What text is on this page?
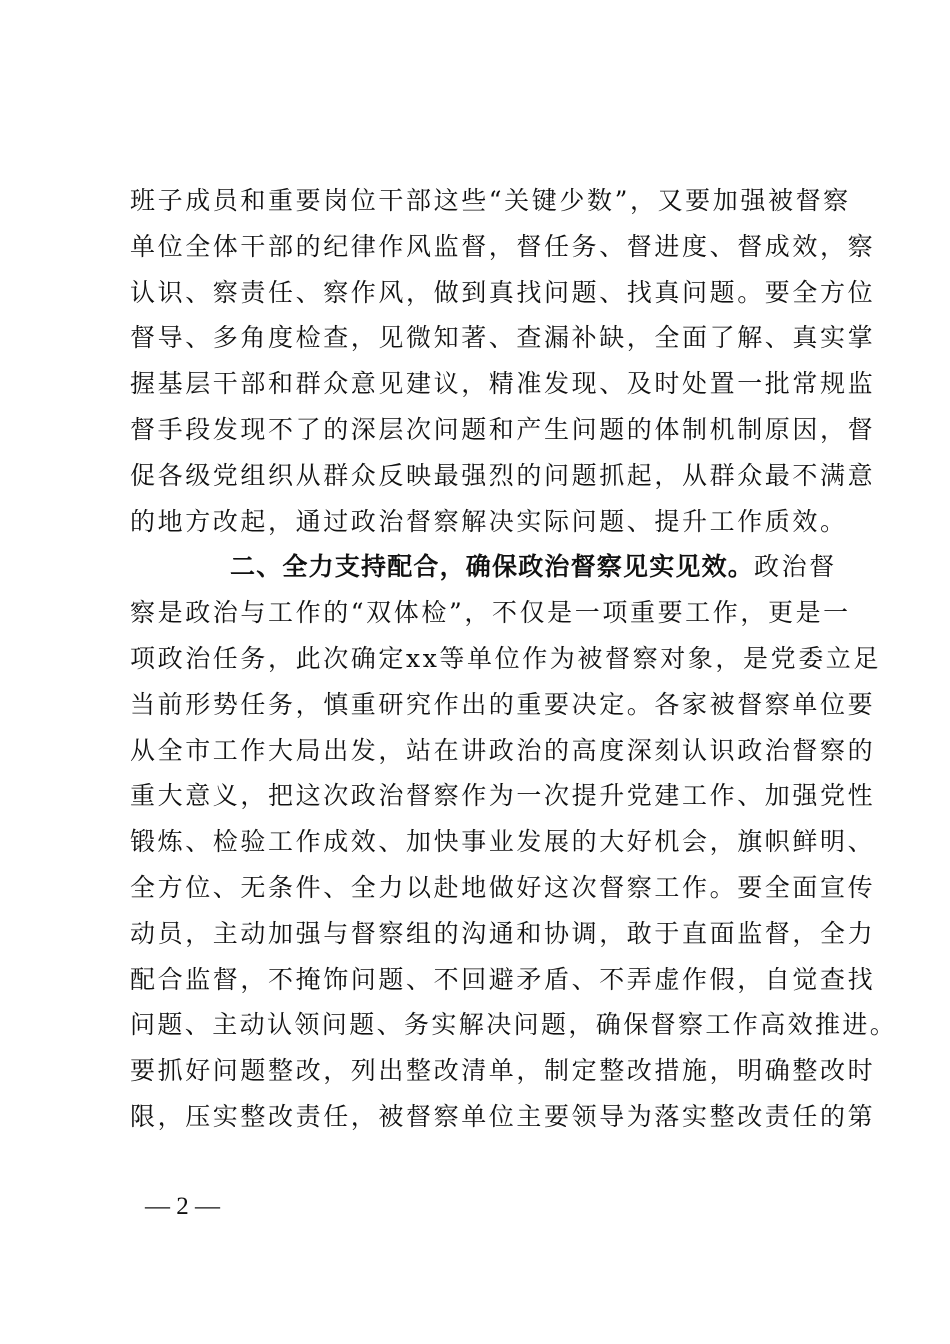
班子成员和重要岗位干部这些“关键少数”，又要加强被督察
单位全体干部的纪律作风监督，督任务、督进度、督成效，察
认识、察责任、察作风，做到真找问题、找真问题。要全方位
督导、多角度检查，见微知著、查漏补缺，全面了解、真实掌
握基层干部和群众意见建议，精准发现、及时处置一批常规监
督手段发现不了的深层次问题和产生问题的体制机制原因，督
促各级党组织从群众反映最强烈的问题抓起，从群众最不满意
的地方改起，通过政治督察解决实际问题、提升工作质效。
二、全力支持配合，确保政治督察见实见效。政治督
察是政治与工作的“双体检”，不仅是一项重要工作，更是一
项政治任务，此次确定xx等单位作为被督察对象，是党委立足
当前形势任务，慎重研究作出的重要决定。各家被督察单位要
从全市工作大局出发，站在讲政治的高度深刻认识政治督察的
重大意义，把这次政治督察作为一次提升党建工作、加强党性
锻炼、检验工作成效、加快事业发展的大好机会，旗帜鲜明、
全方位、无条件、全力以赴地做好这次督察工作。要全面宣传
动员，主动加强与督察组的沟通和协调，敢于直面监督，全力
配合监督，不掩饰问题、不回避矛盾、不弄虚作假，自觉查找
问题、主动认领问题、务实解决问题，确保督察工作高效推进。
要抓好问题整改，列出整改清单，制定整改措施，明确整改时
限，压实整改责任，被督察单位主要领导为落实整改责任的第
— 2 —
